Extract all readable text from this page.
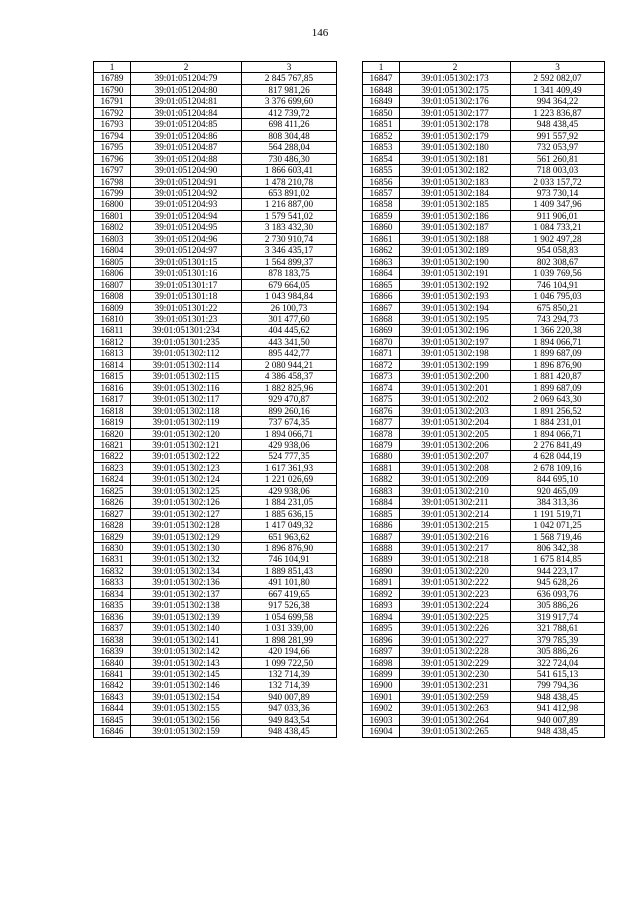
146
1	2	3
16789	39:01:051204:79	2 845 767,85
16790	39:01:051204:80	817 981,26
16791	39:01:051204:81	3 376 699,60
16792	39:01:051204:84	412 739,72
16793	39:01:051204:85	698 411,26
16794	39:01:051204:86	808 304,48
16795	39:01:051204:87	564 288,04
16796	39:01:051204:88	730 486,30
16797	39:01:051204:90	1 866 603,41
16798	39:01:051204:91	1 478 210,78
16799	39:01:051204:92	653 891,02
16800	39:01:051204:93	1 216 887,00
16801	39:01:051204:94	1 579 541,02
16802	39:01:051204:95	3 183 432,30
16803	39:01:051204:96	2 730 910,74
16804	39:01:051204:97	3 346 435,17
16805	39:01:051301:15	1 564 899,37
16806	39:01:051301:16	878 183,75
16807	39:01:051301:17	679 664,05
16808	39:01:051301:18	1 043 984,84
16809	39:01:051301:22	26 100,73
16810	39:01:051301:23	301 477,60
16811	39:01:051301:234	404 445,62
16812	39:01:051301:235	443 341,50
16813	39:01:051302:112	895 442,77
16814	39:01:051302:114	2 080 944,21
16815	39:01:051302:115	4 386 458,37
16816	39:01:051302:116	1 882 825,96
16817	39:01:051302:117	929 470,87
16818	39:01:051302:118	899 260,16
16819	39:01:051302:119	737 674,35
16820	39:01:051302:120	1 894 066,71
16821	39:01:051302:121	429 938,06
16822	39:01:051302:122	524 777,35
16823	39:01:051302:123	1 617 361,93
16824	39:01:051302:124	1 221 026,69
16825	39:01:051302:125	429 938,06
16826	39:01:051302:126	1 884 231,05
16827	39:01:051302:127	1 885 636,15
16828	39:01:051302:128	1 417 049,32
16829	39:01:051302:129	651 963,62
16830	39:01:051302:130	1 896 876,90
16831	39:01:051302:132	746 104,91
16832	39:01:051302:134	1 889 851,43
16833	39:01:051302:136	491 101,80
16834	39:01:051302:137	667 419,65
16835	39:01:051302:138	917 526,38
16836	39:01:051302:139	1 054 699,58
16837	39:01:051302:140	1 031 339,00
16838	39:01:051302:141	1 898 281,99
16839	39:01:051302:142	420 194,66
16840	39:01:051302:143	1 099 722,50
16841	39:01:051302:145	132 714,39
16842	39:01:051302:146	132 714,39
16843	39:01:051302:154	940 007,89
16844	39:01:051302:155	947 033,36
16845	39:01:051302:156	949 843,54
16846	39:01:051302:159	948 438,45
1	2	3
16847	39:01:051302:173	2 592 082,07
16848	39:01:051302:175	1 341 409,49
16849	39:01:051302:176	994 364,22
16850	39:01:051302:177	1 223 836,87
16851	39:01:051302:178	948 438,45
16852	39:01:051302:179	991 557,92
16853	39:01:051302:180	732 053,97
16854	39:01:051302:181	561 260,81
16855	39:01:051302:182	718 003,03
16856	39:01:051302:183	2 033 157,72
16857	39:01:051302:184	973 730,14
16858	39:01:051302:185	1 409 347,96
16859	39:01:051302:186	911 906,01
16860	39:01:051302:187	1 084 733,21
16861	39:01:051302:188	1 902 497,28
16862	39:01:051302:189	954 058,83
16863	39:01:051302:190	802 308,67
16864	39:01:051302:191	1 039 769,56
16865	39:01:051302:192	746 104,91
16866	39:01:051302:193	1 046 795,03
16867	39:01:051302:194	675 850,21
16868	39:01:051302:195	743 294,73
16869	39:01:051302:196	1 366 220,38
16870	39:01:051302:197	1 894 066,71
16871	39:01:051302:198	1 899 687,09
16872	39:01:051302:199	1 896 876,90
16873	39:01:051302:200	1 881 420,87
16874	39:01:051302:201	1 899 687,09
16875	39:01:051302:202	2 069 643,30
16876	39:01:051302:203	1 891 256,52
16877	39:01:051302:204	1 884 231,01
16878	39:01:051302:205	1 894 066,71
16879	39:01:051302:206	2 276 841,49
16880	39:01:051302:207	4 628 044,19
16881	39:01:051302:208	2 678 109,16
16882	39:01:051302:209	844 695,10
16883	39:01:051302:210	920 465,09
16884	39:01:051302:211	384 313,36
16885	39:01:051302:214	1 191 519,71
16886	39:01:051302:215	1 042 071,25
16887	39:01:051302:216	1 568 719,46
16888	39:01:051302:217	806 342,38
16889	39:01:051302:218	1 675 814,85
16890	39:01:051302:220	944 223,17
16891	39:01:051302:222	945 628,26
16892	39:01:051302:223	636 093,76
16893	39:01:051302:224	305 886,26
16894	39:01:051302:225	319 917,74
16895	39:01:051302:226	321 788,61
16896	39:01:051302:227	379 785,39
16897	39:01:051302:228	305 886,26
16898	39:01:051302:229	322 724,04
16899	39:01:051302:230	541 615,13
16900	39:01:051302:231	799 794,36
16901	39:01:051302:259	948 438,45
16902	39:01:051302:263	941 412,98
16903	39:01:051302:264	940 007,89
16904	39:01:051302:265	948 438,45
